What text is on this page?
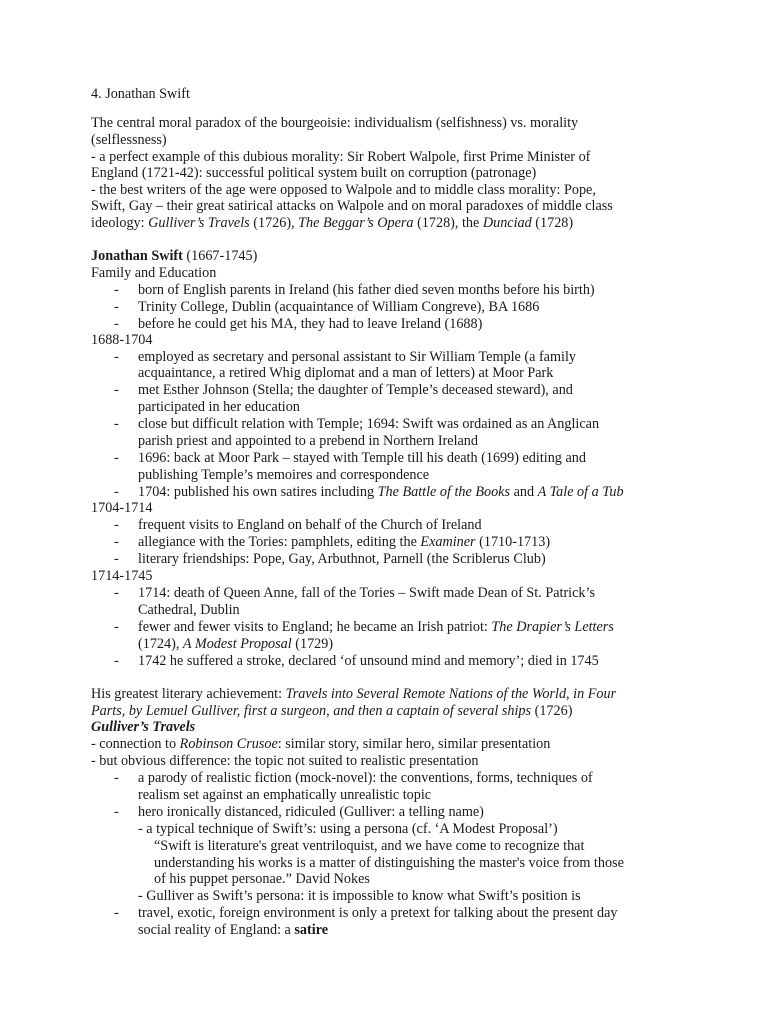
4. Jonathan Swift
The central moral paradox of the bourgeoisie: individualism (selfishness) vs. morality
(selflessness)
- a perfect example of this dubious morality: Sir Robert Walpole, first Prime Minister of
England (1721-42): successful political system built on corruption (patronage)
- the best writers of the age were opposed to Walpole and to middle class morality: Pope,
Swift, Gay – their great satirical attacks on Walpole and on moral paradoxes of middle class
ideology: Gulliver’s Travels (1726), The Beggar’s Opera (1728), the Dunciad (1728)
Jonathan Swift (1667-1745)
Family and Education
- born of English parents in Ireland (his father died seven months before his birth)
- Trinity College, Dublin (acquaintance of William Congreve), BA 1686
- before he could get his MA, they had to leave Ireland (1688)
1688-1704
- employed as secretary and personal assistant to Sir William Temple (a family
acquaintance, a retired Whig diplomat and a man of letters) at Moor Park
- met Esther Johnson (Stella; the daughter of Temple’s deceased steward), and
participated in her education
- close but difficult relation with Temple; 1694: Swift was ordained as an Anglican
parish priest and appointed to a prebend in Northern Ireland
- 1696: back at Moor Park – stayed with Temple till his death (1699) editing and
publishing Temple’s memoires and correspondence
- 1704: published his own satires including The Battle of the Books and A Tale of a Tub
1704-1714
- frequent visits to England on behalf of the Church of Ireland
- allegiance with the Tories: pamphlets, editing the Examiner (1710-1713)
- literary friendships: Pope, Gay, Arbuthnot, Parnell (the Scriblerus Club)
1714-1745
- 1714: death of Queen Anne, fall of the Tories – Swift made Dean of St. Patrick’s
Cathedral, Dublin
- fewer and fewer visits to England; he became an Irish patriot: The Drapier’s Letters
(1724), A Modest Proposal (1729)
- 1742 he suffered a stroke, declared ‘of unsound mind and memory’; died in 1745
His greatest literary achievement: Travels into Several Remote Nations of the World, in Four
Parts, by Lemuel Gulliver, first a surgeon, and then a captain of several ships (1726)
Gulliver’s Travels
- connection to Robinson Crusoe: similar story, similar hero, similar presentation
- but obvious difference: the topic not suited to realistic presentation
- a parody of realistic fiction (mock-novel): the conventions, forms, techniques of
realism set against an emphatically unrealistic topic
- hero ironically distanced, ridiculed (Gulliver: a telling name)
- a typical technique of Swift’s: using a persona (cf. ‘A Modest Proposal’)
“Swift is literature's great ventriloquist, and we have come to recognize that
understanding his works is a matter of distinguishing the master's voice from those
of his puppet personae.” David Nokes
- Gulliver as Swift’s persona: it is impossible to know what Swift’s position is
- travel, exotic, foreign environment is only a pretext for talking about the present day
social reality of England: a satire
